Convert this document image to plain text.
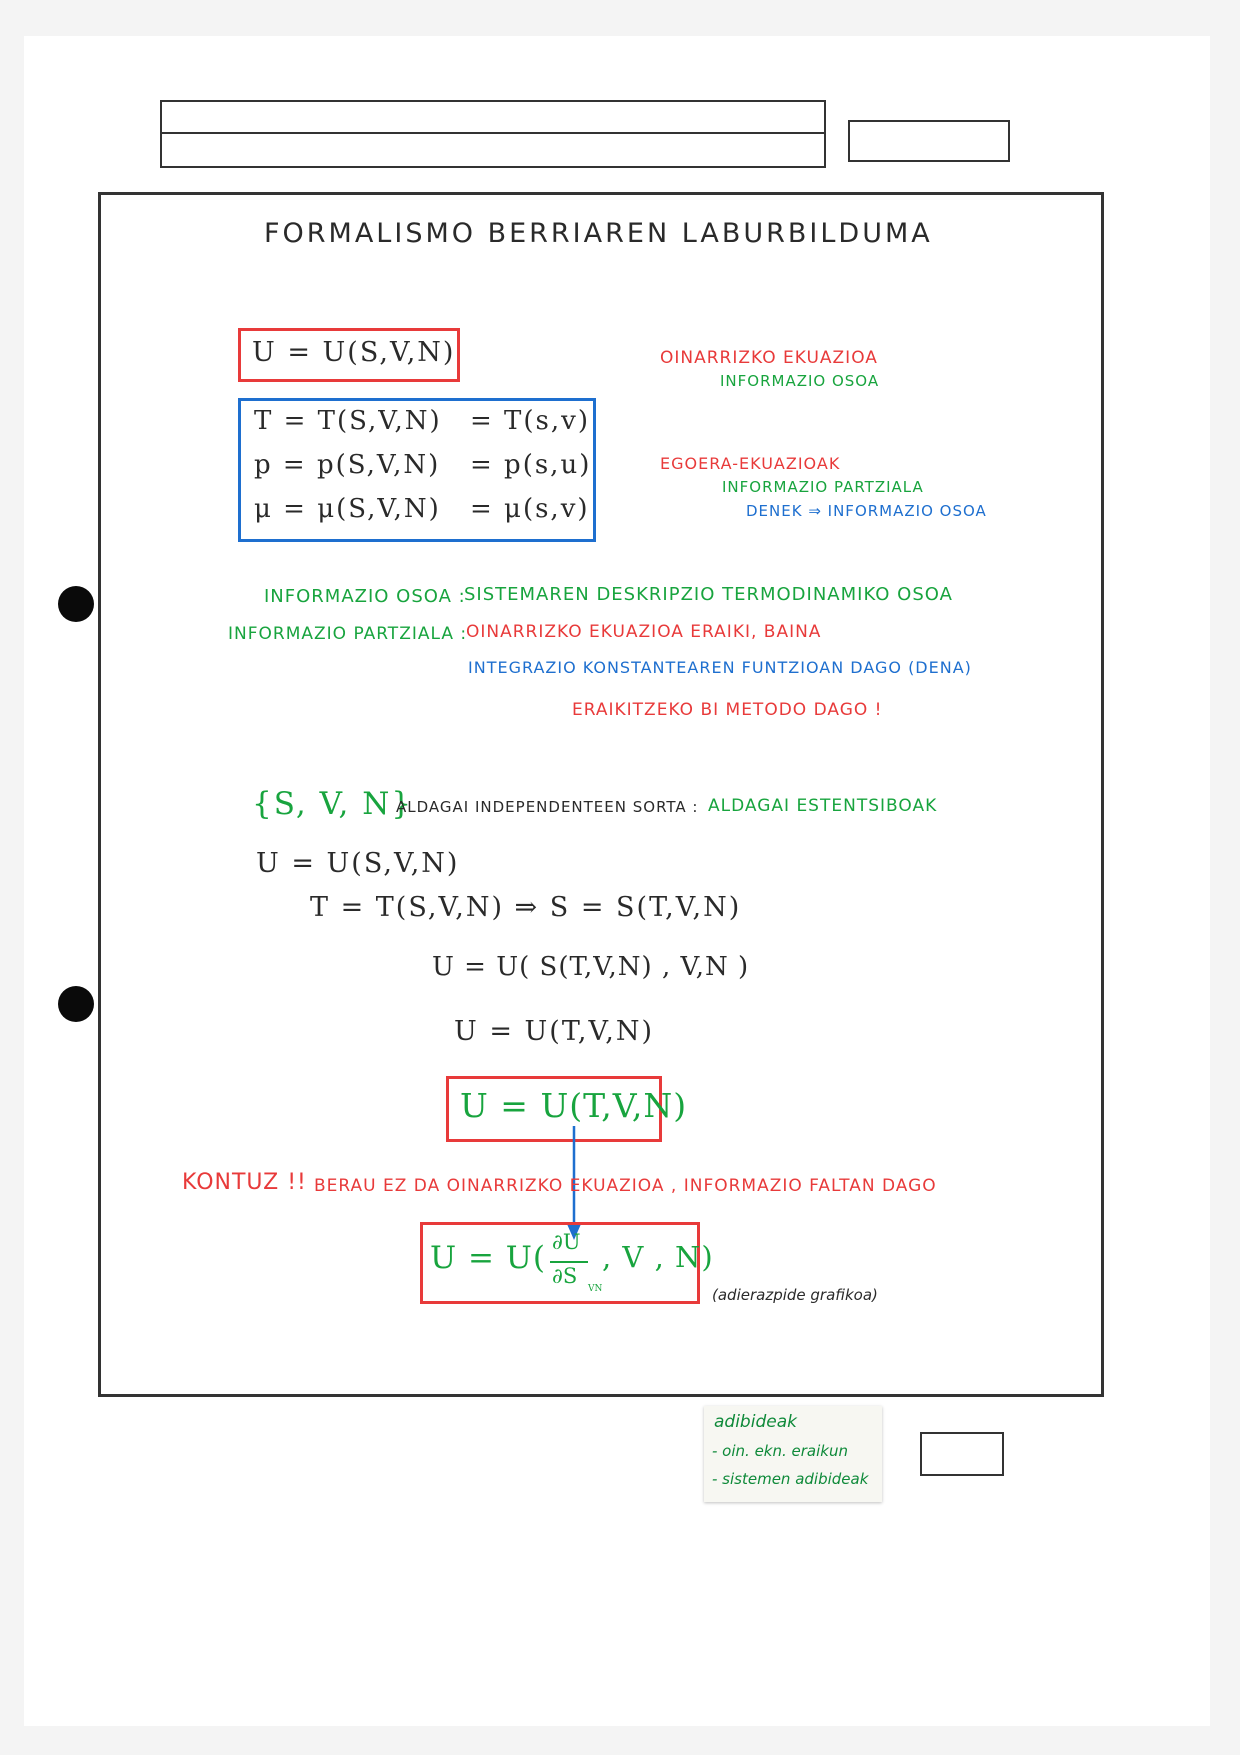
FORMALISMO BERRIAREN LABURBILDUMA
U = U(S,V,N)	OINARRIZKO EKUAZIOA
INFORMAZIO OSOA
T = T(S,V,N) = T(s,v)
p = p(S,V,N) = p(s,u)
μ = μ(S,V,N) = μ(s,v)
EGOERA-EKUAZIOAK
INFORMAZIO PARTZIALA
DENEK ⇒ INFORMAZIO OSOA
INFORMAZIO OSOA :
SISTEMAREN DESKRIPZIO TERMODINAMIKO OSOA
INFORMAZIO PARTZIALA :
OINARRIZKO EKUAZIOA ERAIKI, BAINA
INTEGRAZIO KONSTANTEAREN FUNTZIOAN DAGO (DENA)
ERAIKITZEKO BI METODO DAGO !
{S, V, N}
ALDAGAI INDEPENDENTEEN SORTA : ALDAGAI ESTENTSIBOAK
U = U(S,V,N)
T = T(S,V,N) ⇒ S = S(T,V,N)
U = U( S(T,V,N) , V,N )
U = U(T,V,N)
U = U(T,V,N)
KONTUZ !! BERAU EZ DA OINARRIZKO EKUAZIOA , INFORMAZIO FALTAN DAGO
U = U( ∂U
∂S
VN
, V , N)
(adierazpide grafikoa)
adibideak
- oin. ekn. eraikun
- sistemen adibideak
